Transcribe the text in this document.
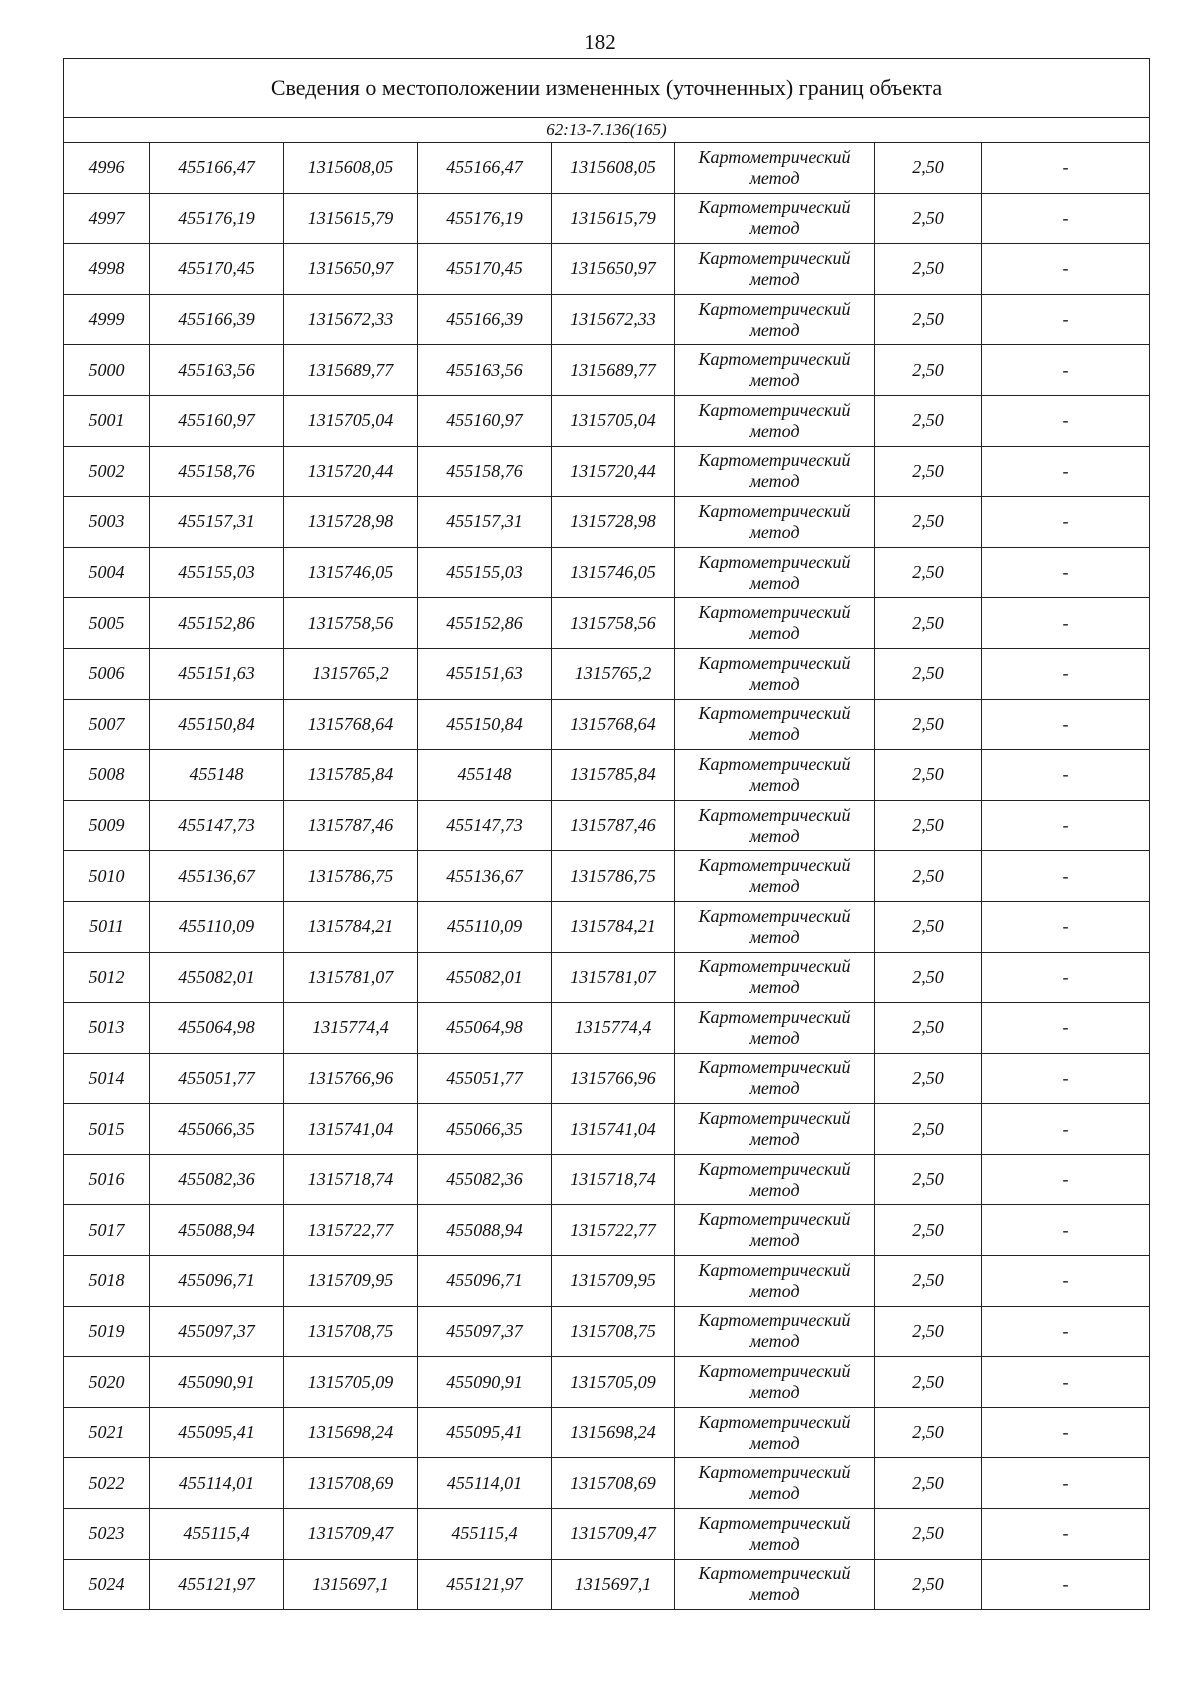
182
Сведения о местоположении измененных (уточненных) границ объекта							
62:13-7.136(165)							
4996	455166,47	1315608,05	455166,47	1315608,05	Картометрический
метод	2,50	-
4997	455176,19	1315615,79	455176,19	1315615,79	Картометрический
метод	2,50	-
4998	455170,45	1315650,97	455170,45	1315650,97	Картометрический
метод	2,50	-
4999	455166,39	1315672,33	455166,39	1315672,33	Картометрический
метод	2,50	-
5000	455163,56	1315689,77	455163,56	1315689,77	Картометрический
метод	2,50	-
5001	455160,97	1315705,04	455160,97	1315705,04	Картометрический
метод	2,50	-
5002	455158,76	1315720,44	455158,76	1315720,44	Картометрический
метод	2,50	-
5003	455157,31	1315728,98	455157,31	1315728,98	Картометрический
метод	2,50	-
5004	455155,03	1315746,05	455155,03	1315746,05	Картометрический
метод	2,50	-
5005	455152,86	1315758,56	455152,86	1315758,56	Картометрический
метод	2,50	-
5006	455151,63	1315765,2	455151,63	1315765,2	Картометрический
метод	2,50	-
5007	455150,84	1315768,64	455150,84	1315768,64	Картометрический
метод	2,50	-
5008	455148	1315785,84	455148	1315785,84	Картометрический
метод	2,50	-
5009	455147,73	1315787,46	455147,73	1315787,46	Картометрический
метод	2,50	-
5010	455136,67	1315786,75	455136,67	1315786,75	Картометрический
метод	2,50	-
5011	455110,09	1315784,21	455110,09	1315784,21	Картометрический
метод	2,50	-
5012	455082,01	1315781,07	455082,01	1315781,07	Картометрический
метод	2,50	-
5013	455064,98	1315774,4	455064,98	1315774,4	Картометрический
метод	2,50	-
5014	455051,77	1315766,96	455051,77	1315766,96	Картометрический
метод	2,50	-
5015	455066,35	1315741,04	455066,35	1315741,04	Картометрический
метод	2,50	-
5016	455082,36	1315718,74	455082,36	1315718,74	Картометрический
метод	2,50	-
5017	455088,94	1315722,77	455088,94	1315722,77	Картометрический
метод	2,50	-
5018	455096,71	1315709,95	455096,71	1315709,95	Картометрический
метод	2,50	-
5019	455097,37	1315708,75	455097,37	1315708,75	Картометрический
метод	2,50	-
5020	455090,91	1315705,09	455090,91	1315705,09	Картометрический
метод	2,50	-
5021	455095,41	1315698,24	455095,41	1315698,24	Картометрический
метод	2,50	-
5022	455114,01	1315708,69	455114,01	1315708,69	Картометрический
метод	2,50	-
5023	455115,4	1315709,47	455115,4	1315709,47	Картометрический
метод	2,50	-
5024	455121,97	1315697,1	455121,97	1315697,1	Картометрический
метод	2,50	-
